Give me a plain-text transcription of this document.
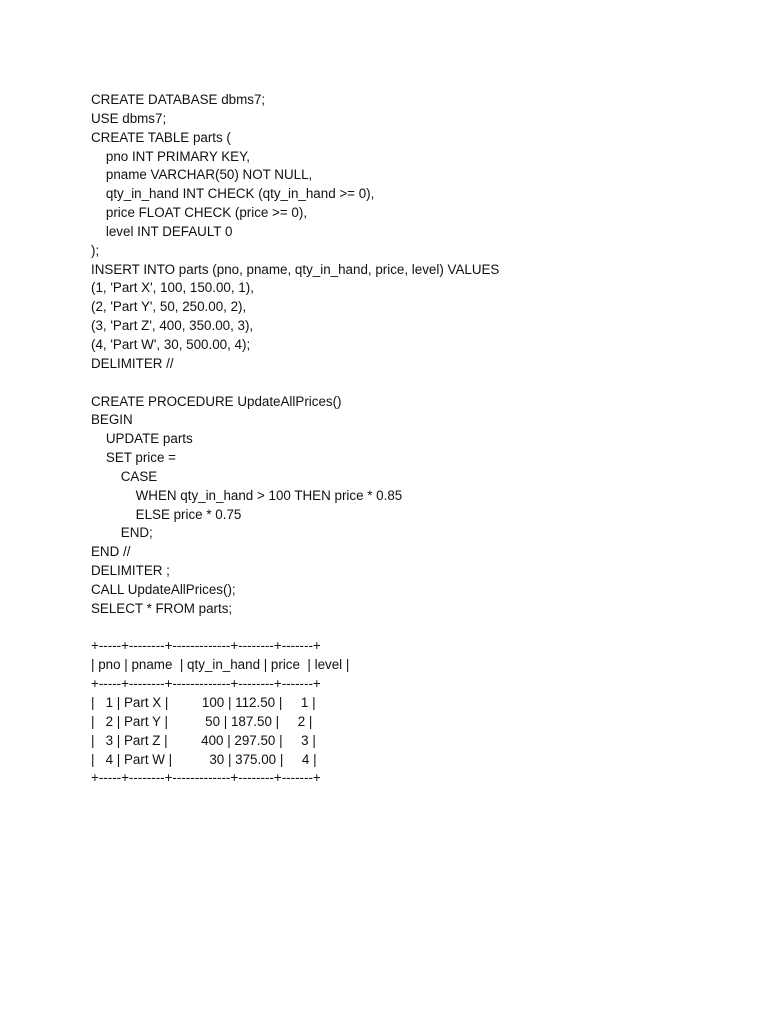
CREATE DATABASE dbms7;
USE dbms7;
CREATE TABLE parts (
pno INT PRIMARY KEY,
pname VARCHAR(50) NOT NULL,
qty_in_hand INT CHECK (qty_in_hand >= 0),
price FLOAT CHECK (price >= 0),
level INT DEFAULT 0
);
INSERT INTO parts (pno, pname, qty_in_hand, price, level) VALUES
(1, 'Part X', 100, 150.00, 1),
(2, 'Part Y', 50, 250.00, 2),
(3, 'Part Z', 400, 350.00, 3),
(4, 'Part W', 30, 500.00, 4);
DELIMITER //
CREATE PROCEDURE UpdateAllPrices()
BEGIN
UPDATE parts
SET price =
CASE
WHEN qty_in_hand > 100 THEN price * 0.85
ELSE price * 0.75
END;
END //
DELIMITER ;
CALL UpdateAllPrices();
SELECT * FROM parts;
+-----+--------+-------------+--------+-------+
| pno | pname  | qty_in_hand | price  | level |
+-----+--------+-------------+--------+-------+
|   1 | Part X |         100 | 112.50 |     1 |
|   2 | Part Y |          50 | 187.50 |     2 |
|   3 | Part Z |         400 | 297.50 |     3 |
|   4 | Part W |          30 | 375.00 |     4 |
+-----+--------+-------------+--------+-------+
